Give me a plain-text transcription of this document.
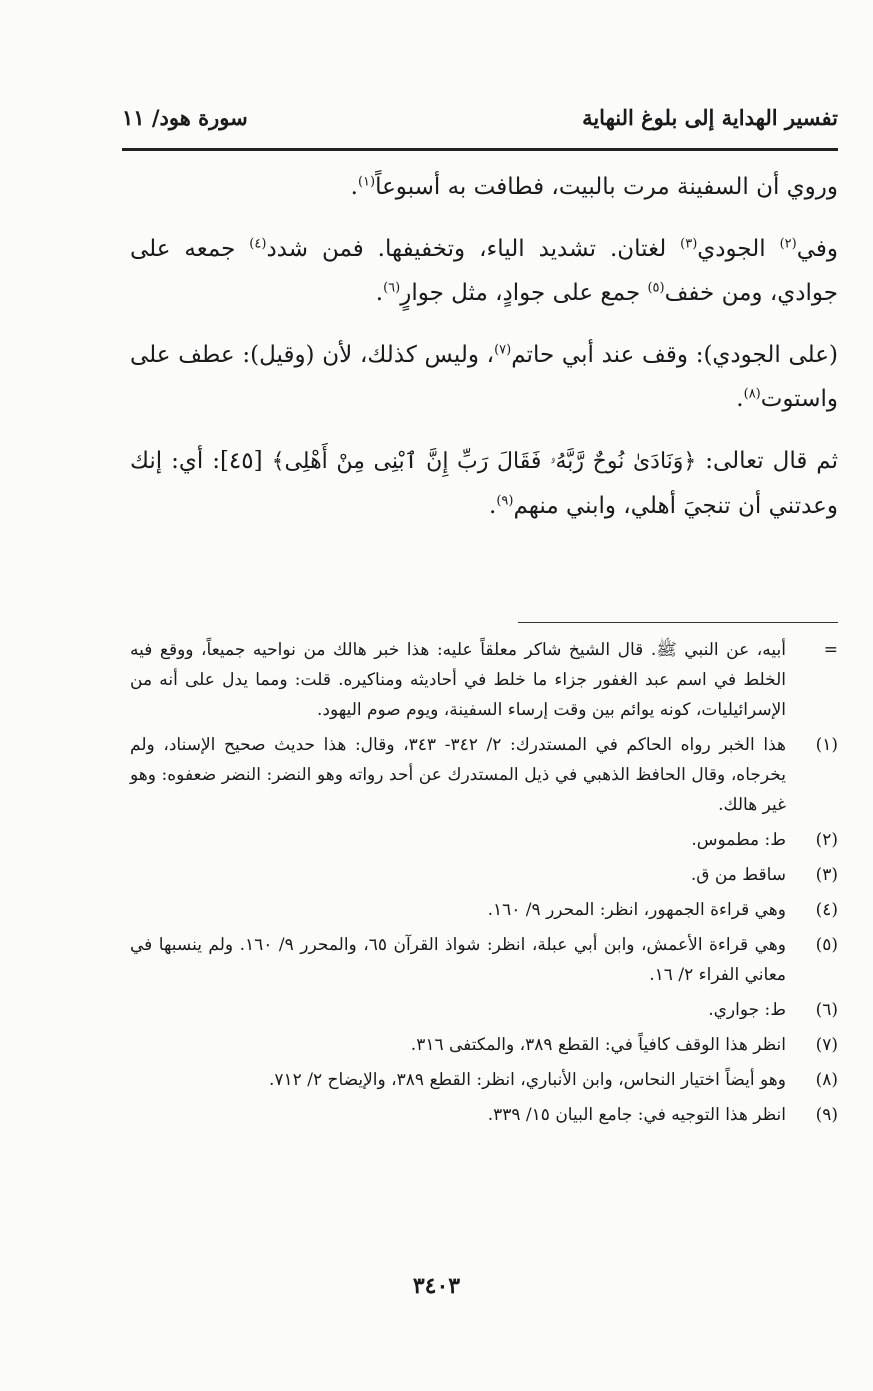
تفسير الهداية إلى بلوغ النهاية
سورة هود/ ١١

وروي أن السفينة مرت بالبيت، فطافت به أسبوعاً$^{(١)}$.

وفي$^{(٢)}$ الجودي$^{(٣)}$ لغتان. تشديد الياء، وتخفيفها. فمن شدد$^{(٤)}$ جمعه على جوادي، ومن خفف$^{(٥)}$ جمع على جوادٍ، مثل جوارٍ$^{(٦)}$.

(على الجودي): وقف عند أبي حاتم$^{(٧)}$، وليس كذلك، لأن (وقيل): عطف على واستوت$^{(٨)}$.

ثم قال تعالى: ﴿وَنَادَىٰ نُوحٌ رَّبَّهُۥ فَقَالَ رَبِّ إِنَّ ٱبْنِى مِنْ أَهْلِى﴾ [٤٥]: أي: إنك وعدتني أن تنجيَ أهلي، وابني منهم$^{(٩)}$.

=
أبيه، عن النبي ﷺ. قال الشيخ شاكر معلقاً عليه: هذا خبر هالك من نواحيه جميعاً، ووقع فيه الخلط في اسم عبد الغفور جزاء ما خلط في أحاديثه ومناكيره. قلت: ومما يدل على أنه من الإسرائيليات، كونه يوائم بين وقت إرساء السفينة، ويوم صوم اليهود.
(١)
هذا الخبر رواه الحاكم في المستدرك: ٢/ ٣٤٢- ٣٤٣، وقال: هذا حديث صحيح الإسناد، ولم يخرجاه، وقال الحافظ الذهبي في ذيل المستدرك عن أحد رواته وهو النضر: النضر ضعفوه: وهو غير هالك.
(٢)
ط: مطموس.
(٣)
ساقط من ق.
(٤)
وهي قراءة الجمهور، انظر: المحرر ٩/ ١٦٠.
(٥)
وهي قراءة الأعمش، وابن أبي عبلة، انظر: شواذ القرآن ٦٥، والمحرر ٩/ ١٦٠. ولم ينسبها في معاني الفراء ٢/ ١٦.
(٦)
ط: جواري.
(٧)
انظر هذا الوقف كافياً في: القطع ٣٨٩، والمكتفى ٣١٦.
(٨)
وهو أيضاً اختيار النحاس، وابن الأنباري، انظر: القطع ٣٨٩، والإيضاح ٢/ ٧١٢.
(٩)
انظر هذا التوجيه في: جامع البيان ١٥/ ٣٣٩.
٣٤٠٣
